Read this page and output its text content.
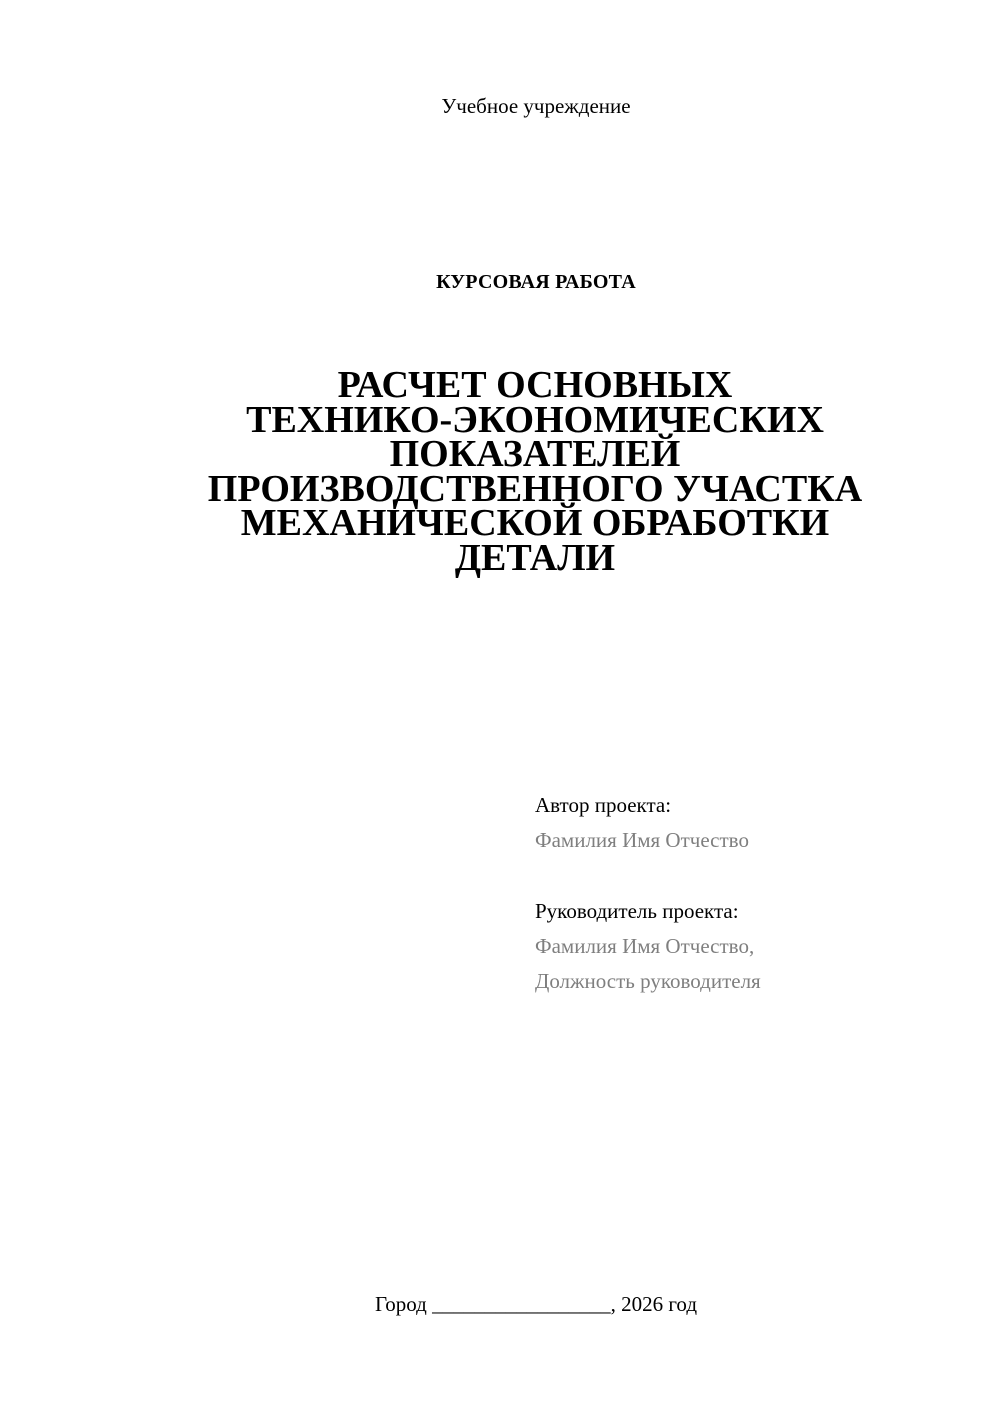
Учебное учреждение
КУРСОВАЯ РАБОТА
РАСЧЕТ ОСНОВНЫХ
ТЕХНИКО-ЭКОНОМИЧЕСКИХ
ПОКАЗАТЕЛЕЙ
ПРОИЗВОДСТВЕННОГО УЧАСТКА
МЕХАНИЧЕСКОЙ ОБРАБОТКИ
ДЕТАЛИ
Автор проекта:
Фамилия Имя Отчество
Руководитель проекта:
Фамилия Имя Отчество,
Должность руководителя
Город _________________, 2026 год
